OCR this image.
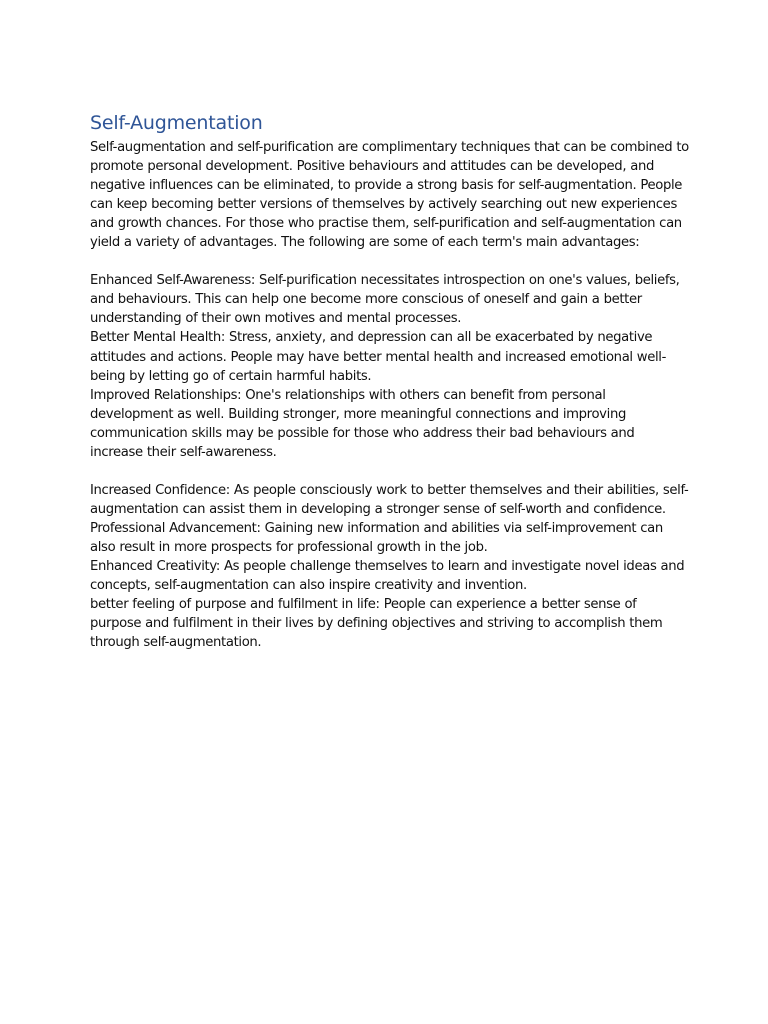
Self-Augmentation

Self-augmentation and self-purification are complimentary techniques that can be combined to promote personal development. Positive behaviours and attitudes can be developed, and negative influences can be eliminated, to provide a strong basis for self-augmentation. People can keep becoming better versions of themselves by actively searching out new experiences and growth chances. For those who practise them, self-purification and self-augmentation can yield a variety of advantages. The following are some of each term's main advantages:

Enhanced Self-Awareness: Self-purification necessitates introspection on one's values, beliefs, and behaviours. This can help one become more conscious of oneself and gain a better understanding of their own motives and mental processes.

Better Mental Health: Stress, anxiety, and depression can all be exacerbated by negative attitudes and actions. People may have better mental health and increased emotional well-being by letting go of certain harmful habits.

Improved Relationships: One's relationships with others can benefit from personal development as well. Building stronger, more meaningful connections and improving communication skills may be possible for those who address their bad behaviours and increase their self-awareness.

Increased Confidence: As people consciously work to better themselves and their abilities, self-augmentation can assist them in developing a stronger sense of self-worth and confidence.

Professional Advancement: Gaining new information and abilities via self-improvement can also result in more prospects for professional growth in the job.

Enhanced Creativity: As people challenge themselves to learn and investigate novel ideas and concepts, self-augmentation can also inspire creativity and invention.

better feeling of purpose and fulfilment in life: People can experience a better sense of purpose and fulfilment in their lives by defining objectives and striving to accomplish them through self-augmentation.
